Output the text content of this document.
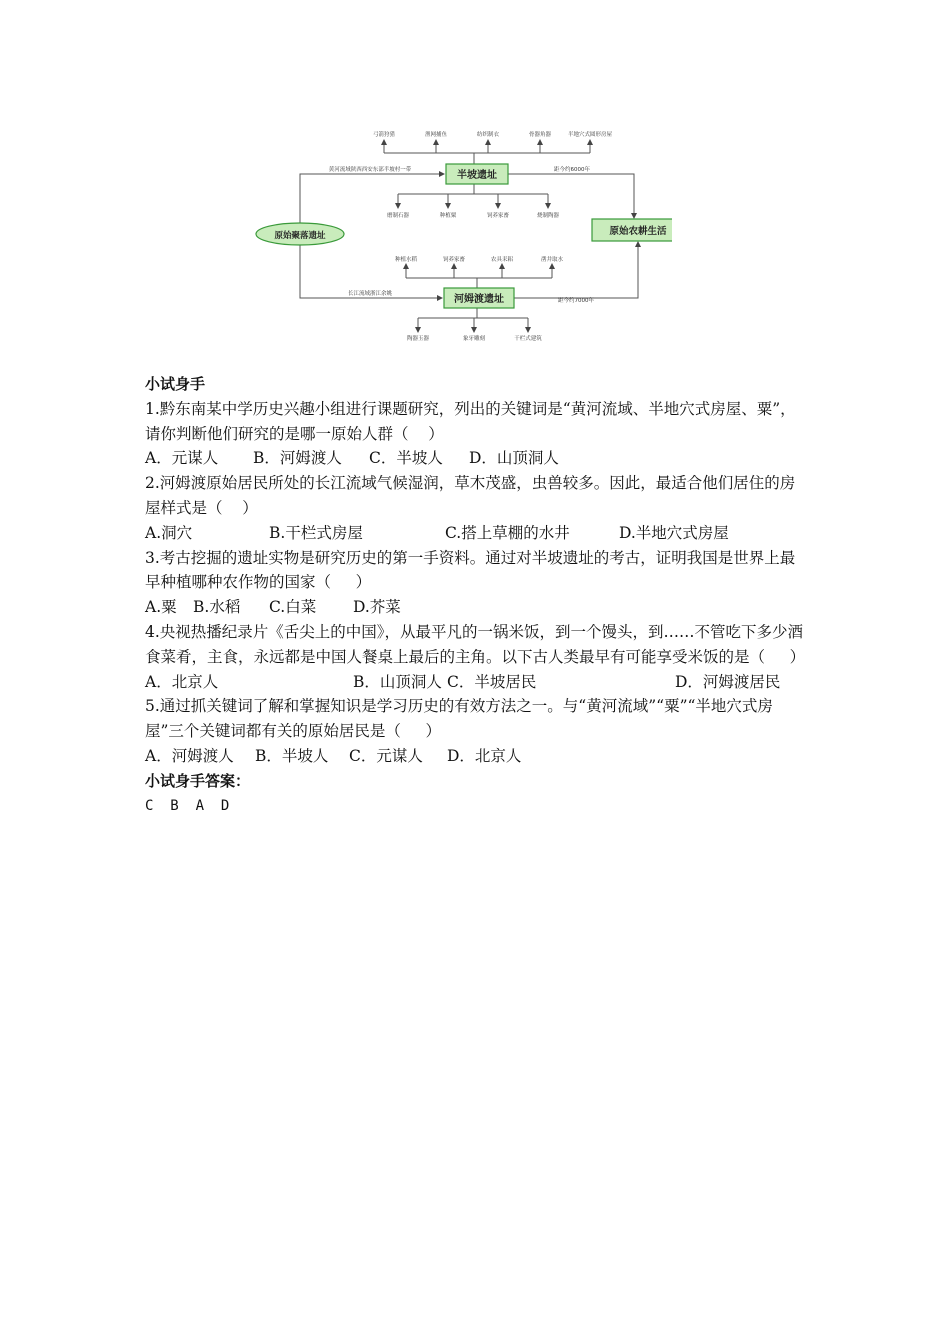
弓箭狩猎	渔网捕鱼	纺织制衣	骨器角器	半地穴式圆形房屋
磨制石器	种植粟	饲养家畜	烧制陶器
种植水稻	饲养家畜	农具耒耜	凿井取水
陶器玉器	象牙雕刻	干栏式建筑
黄河流域陕西西安东部半坡村一带	距今约6000年
长江流域浙江余姚
距今约7000年
半坡遗址
河姆渡遗址
原始聚落遗址	原始农耕生活

小试身手

1.黔东南某中学历史兴趣小组进行课题研究，列出的关键词是“黄河流域、半地穴式房屋、粟”，请你判断他们研究的是哪一原始人群（    ）

A．元谋人	B．河姆渡人	C．半坡人	D．山顶洞人

2.河姆渡原始居民所处的长江流域气候湿润，草木茂盛，虫兽较多。因此，最适合他们居住的房屋样式是（    ）

A.洞穴	B.干栏式房屋	C.搭上草棚的水井	D.半地穴式房屋

3.考古挖掘的遗址实物是研究历史的第一手资料。通过对半坡遗址的考古，证明我国是世界上最早种植哪种农作物的国家（     ）

A.粟	B.水稻	C.白菜	D.芥菜

4.央视热播纪录片《舌尖上的中国》，从最平凡的一锅米饭，到一个馒头，到……不管吃下多少酒食菜肴，主食，永远都是中国人餐桌上最后的主角。以下古人类最早有可能享受米饭的是（     ）

A．北京人	B．山顶洞人 C．半坡居民	D．河姆渡居民

5.通过抓关键词了解和掌握知识是学习历史的有效方法之一。与“黄河流域”“粟”“半地穴式房屋”三个关键词都有关的原始居民是（     ）

A．河姆渡人	B．半坡人	C．元谋人	D．北京人

小试身手答案：

C  B  A  D
